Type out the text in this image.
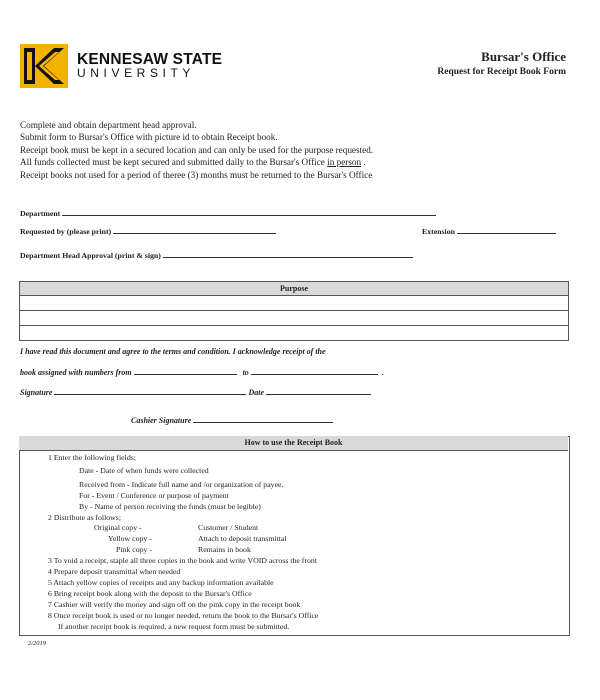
KENNESAW STATE
UNIVERSITY
Bursar's Office
Request for Receipt Book Form
Complete and obtain department head approval.
Submit form to Bursar's Office with picture id to obtain Receipt book.
Receipt book must be kept in a secured location and can only be used for the purpose requested.
All funds collected must be kept secured and submitted daily to the Bursar's Office in person .
Receipt books not used for a period of theree (3) months must be returned to the Bursar's Office
Department
Requested by (please print)	Extension
Department Head Approval (print & sign)
Purpose

I have read this document and agree to the terms and condition. I acknowledge receipt of the
book assigned with numbers from	to	.
Signature	Date
Cashier Signature
How to use the Receipt Book
1 Enter the following fields;
Date - Date of when funds were collected
Received from - Indicate full name and /or organization of payee.
For - Event / Conference or purpose of payment
By - Name of person receiving the funds (must be legible)
2 Distribute as follows;
Original copy -	Customer / Student
Yellow copy -	Attach to deposit transmittal
Pink copy -	Remains in book
3 To void a receipt, staple all three copies in the book and write VOID across the front
4 Prepare deposit transmittal when needed
5 Attach yellow copies of receipts and any backup information available
6 Bring receipt book along with the deposit to the Bursar's Office
7 Cashier will verify the money and sign off on the pink copy in the receipt book
8 Once receipt book is used or no longer needed, return the book to the Bursar's Office
If another receipt book is required, a new request form must be submitted.
2/2019
